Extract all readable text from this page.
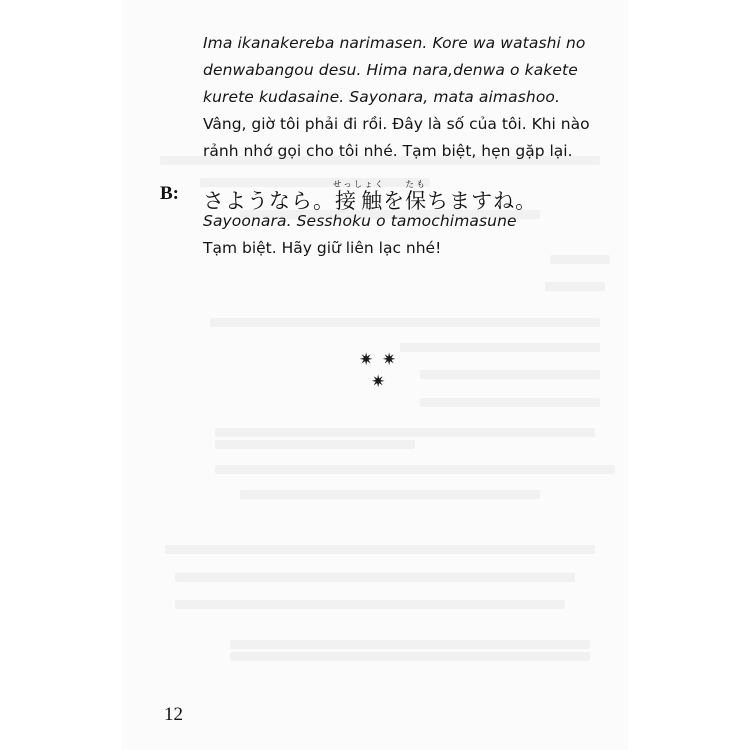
Ima ikanakereba narimasen. Kore wa watashi no
denwabangou desu. Hima nara,denwa o kakete
kurete kudasaine. Sayonara, mata aimashoo.
Vâng, giờ tôi phải đi rồi. Đây là số của tôi. Khi nào
rảnh nhớ gọi cho tôi nhé. Tạm biệt, hẹn gặp lại.
B: さようなら。接触せっしょくを保たもちますね。
Sayoonara. Sesshoku o tamochimasune
Tạm biệt. Hãy giữ liên lạc nhé!
✷ ✷
✷
12
